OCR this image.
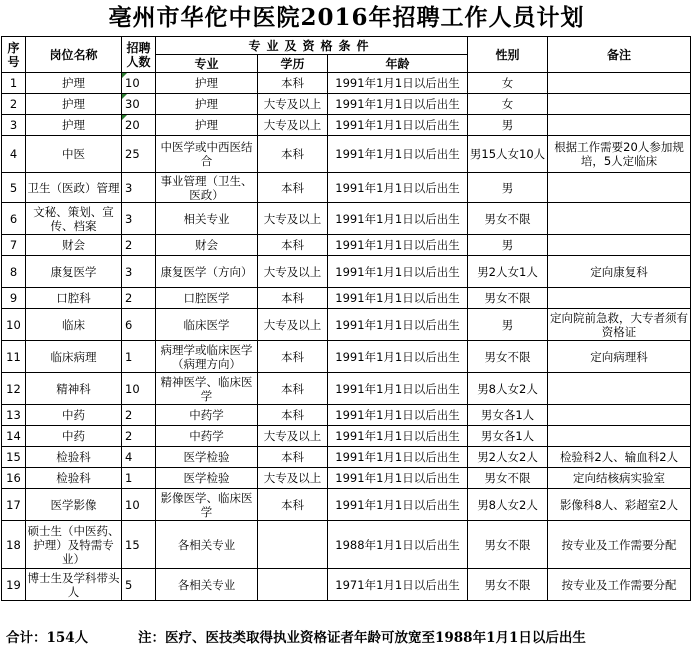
亳州市华佗中医院2016年招聘工作人员计划
序号	岗位名称	招聘人数	专业及资格条件			性别	备注
			专业	学历	年龄		
1	护理	10	护理	本科	1991年1月1日以后出生	女	
2	护理	30	护理	大专及以上	1991年1月1日以后出生	女	
3	护理	20	护理	大专及以上	1991年1月1日以后出生	男	
4	中医	25	中医学或中西医结合	本科	1991年1月1日以后出生	男15人女10人	根据工作需要20人参加规培，5人定临床
5	卫生（医政）管理	3	事业管理（卫生、医政）	本科	1991年1月1日以后出生	男	
6	文秘、策划、宣传、档案	3	相关专业	大专及以上	1991年1月1日以后出生	男女不限	
7	财会	2	财会	本科	1991年1月1日以后出生	男	
8	康复医学	3	康复医学（方向）	大专及以上	1991年1月1日以后出生	男2人女1人	定向康复科
9	口腔科	2	口腔医学	本科	1991年1月1日以后出生	男女不限	
10	临床	6	临床医学	大专及以上	1991年1月1日以后出生	男	定向院前急救，大专者须有资格证
11	临床病理	1	病理学或临床医学（病理方向）	本科	1991年1月1日以后出生	男女不限	定向病理科
12	精神科	10	精神医学、临床医学	本科	1991年1月1日以后出生	男8人女2人	
13	中药	2	中药学	本科	1991年1月1日以后出生	男女各1人	
14	中药	2	中药学	大专及以上	1991年1月1日以后出生	男女各1人	
15	检验科	4	医学检验	本科	1991年1月1日以后出生	男2人女2人	检验科2人、输血科2人
16	检验科	1	医学检验	大专及以上	1991年1月1日以后出生	男女不限	定向结核病实验室
17	医学影像	10	影像医学、临床医学	本科	1991年1月1日以后出生	男8人女2人	影像科8人、彩超室2人
18	硕士生（中医药、护理）及特需专业）	15	各相关专业		1988年1月1日以后出生	男女不限	按专业及工作需要分配
19	博士生及学科带头人	5	各相关专业		1971年1月1日以后出生	男女不限	按专业及工作需要分配
合计：154人	注：医疗、医技类取得执业资格证者年龄可放宽至1988年1月1日以后出生
